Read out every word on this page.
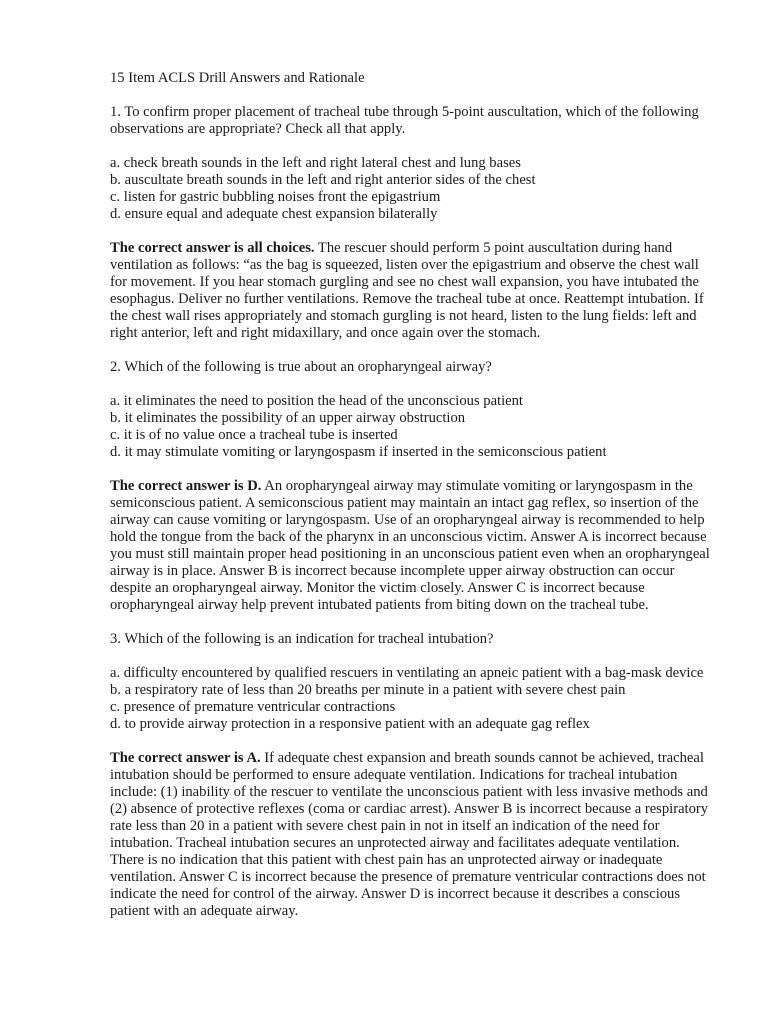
15 Item ACLS Drill Answers and Rationale
1. To confirm proper placement of tracheal tube through 5-point auscultation, which of the following observations are appropriate? Check all that apply.
a. check breath sounds in the left and right lateral chest and lung bases
b. auscultate breath sounds in the left and right anterior sides of the chest
c. listen for gastric bubbling noises front the epigastrium
d. ensure equal and adequate chest expansion bilaterally
The correct answer is all choices. The rescuer should perform 5 point auscultation during hand ventilation as follows: “as the bag is squeezed, listen over the epigastrium and observe the chest wall for movement. If you hear stomach gurgling and see no chest wall expansion, you have intubated the esophagus. Deliver no further ventilations. Remove the tracheal tube at once. Reattempt intubation. If the chest wall rises appropriately and stomach gurgling is not heard, listen to the lung fields: left and right anterior, left and right midaxillary, and once again over the stomach.
2. Which of the following is true about an oropharyngeal airway?
a. it eliminates the need to position the head of the unconscious patient
b. it eliminates the possibility of an upper airway obstruction
c. it is of no value once a tracheal tube is inserted
d. it may stimulate vomiting or laryngospasm if inserted in the semiconscious patient
The correct answer is D. An oropharyngeal airway may stimulate vomiting or laryngospasm in the semiconscious patient. A semiconscious patient may maintain an intact gag reflex, so insertion of the airway can cause vomiting or laryngospasm. Use of an oropharyngeal airway is recommended to help hold the tongue from the back of the pharynx in an unconscious victim. Answer A is incorrect because you must still maintain proper head positioning in an unconscious patient even when an oropharyngeal airway is in place. Answer B is incorrect because incomplete upper airway obstruction can occur despite an oropharyngeal airway. Monitor the victim closely. Answer C is incorrect because oropharyngeal airway help prevent intubated patients from biting down on the tracheal tube.
3. Which of the following is an indication for tracheal intubation?
a. difficulty encountered by qualified rescuers in ventilating an apneic patient with a bag-mask device
b. a respiratory rate of less than 20 breaths per minute in a patient with severe chest pain
c. presence of premature ventricular contractions
d. to provide airway protection in a responsive patient with an adequate gag reflex
The correct answer is A. If adequate chest expansion and breath sounds cannot be achieved, tracheal intubation should be performed to ensure adequate ventilation. Indications for tracheal intubation include: (1) inability of the rescuer to ventilate the unconscious patient with less invasive methods and (2) absence of protective reflexes (coma or cardiac arrest). Answer B is incorrect because a respiratory rate less than 20 in a patient with severe chest pain in not in itself an indication of the need for intubation. Tracheal intubation secures an unprotected airway and facilitates adequate ventilation. There is no indication that this patient with chest pain has an unprotected airway or inadequate ventilation. Answer C is incorrect because the presence of premature ventricular contractions does not indicate the need for control of the airway. Answer D is incorrect because it describes a conscious patient with an adequate airway.
